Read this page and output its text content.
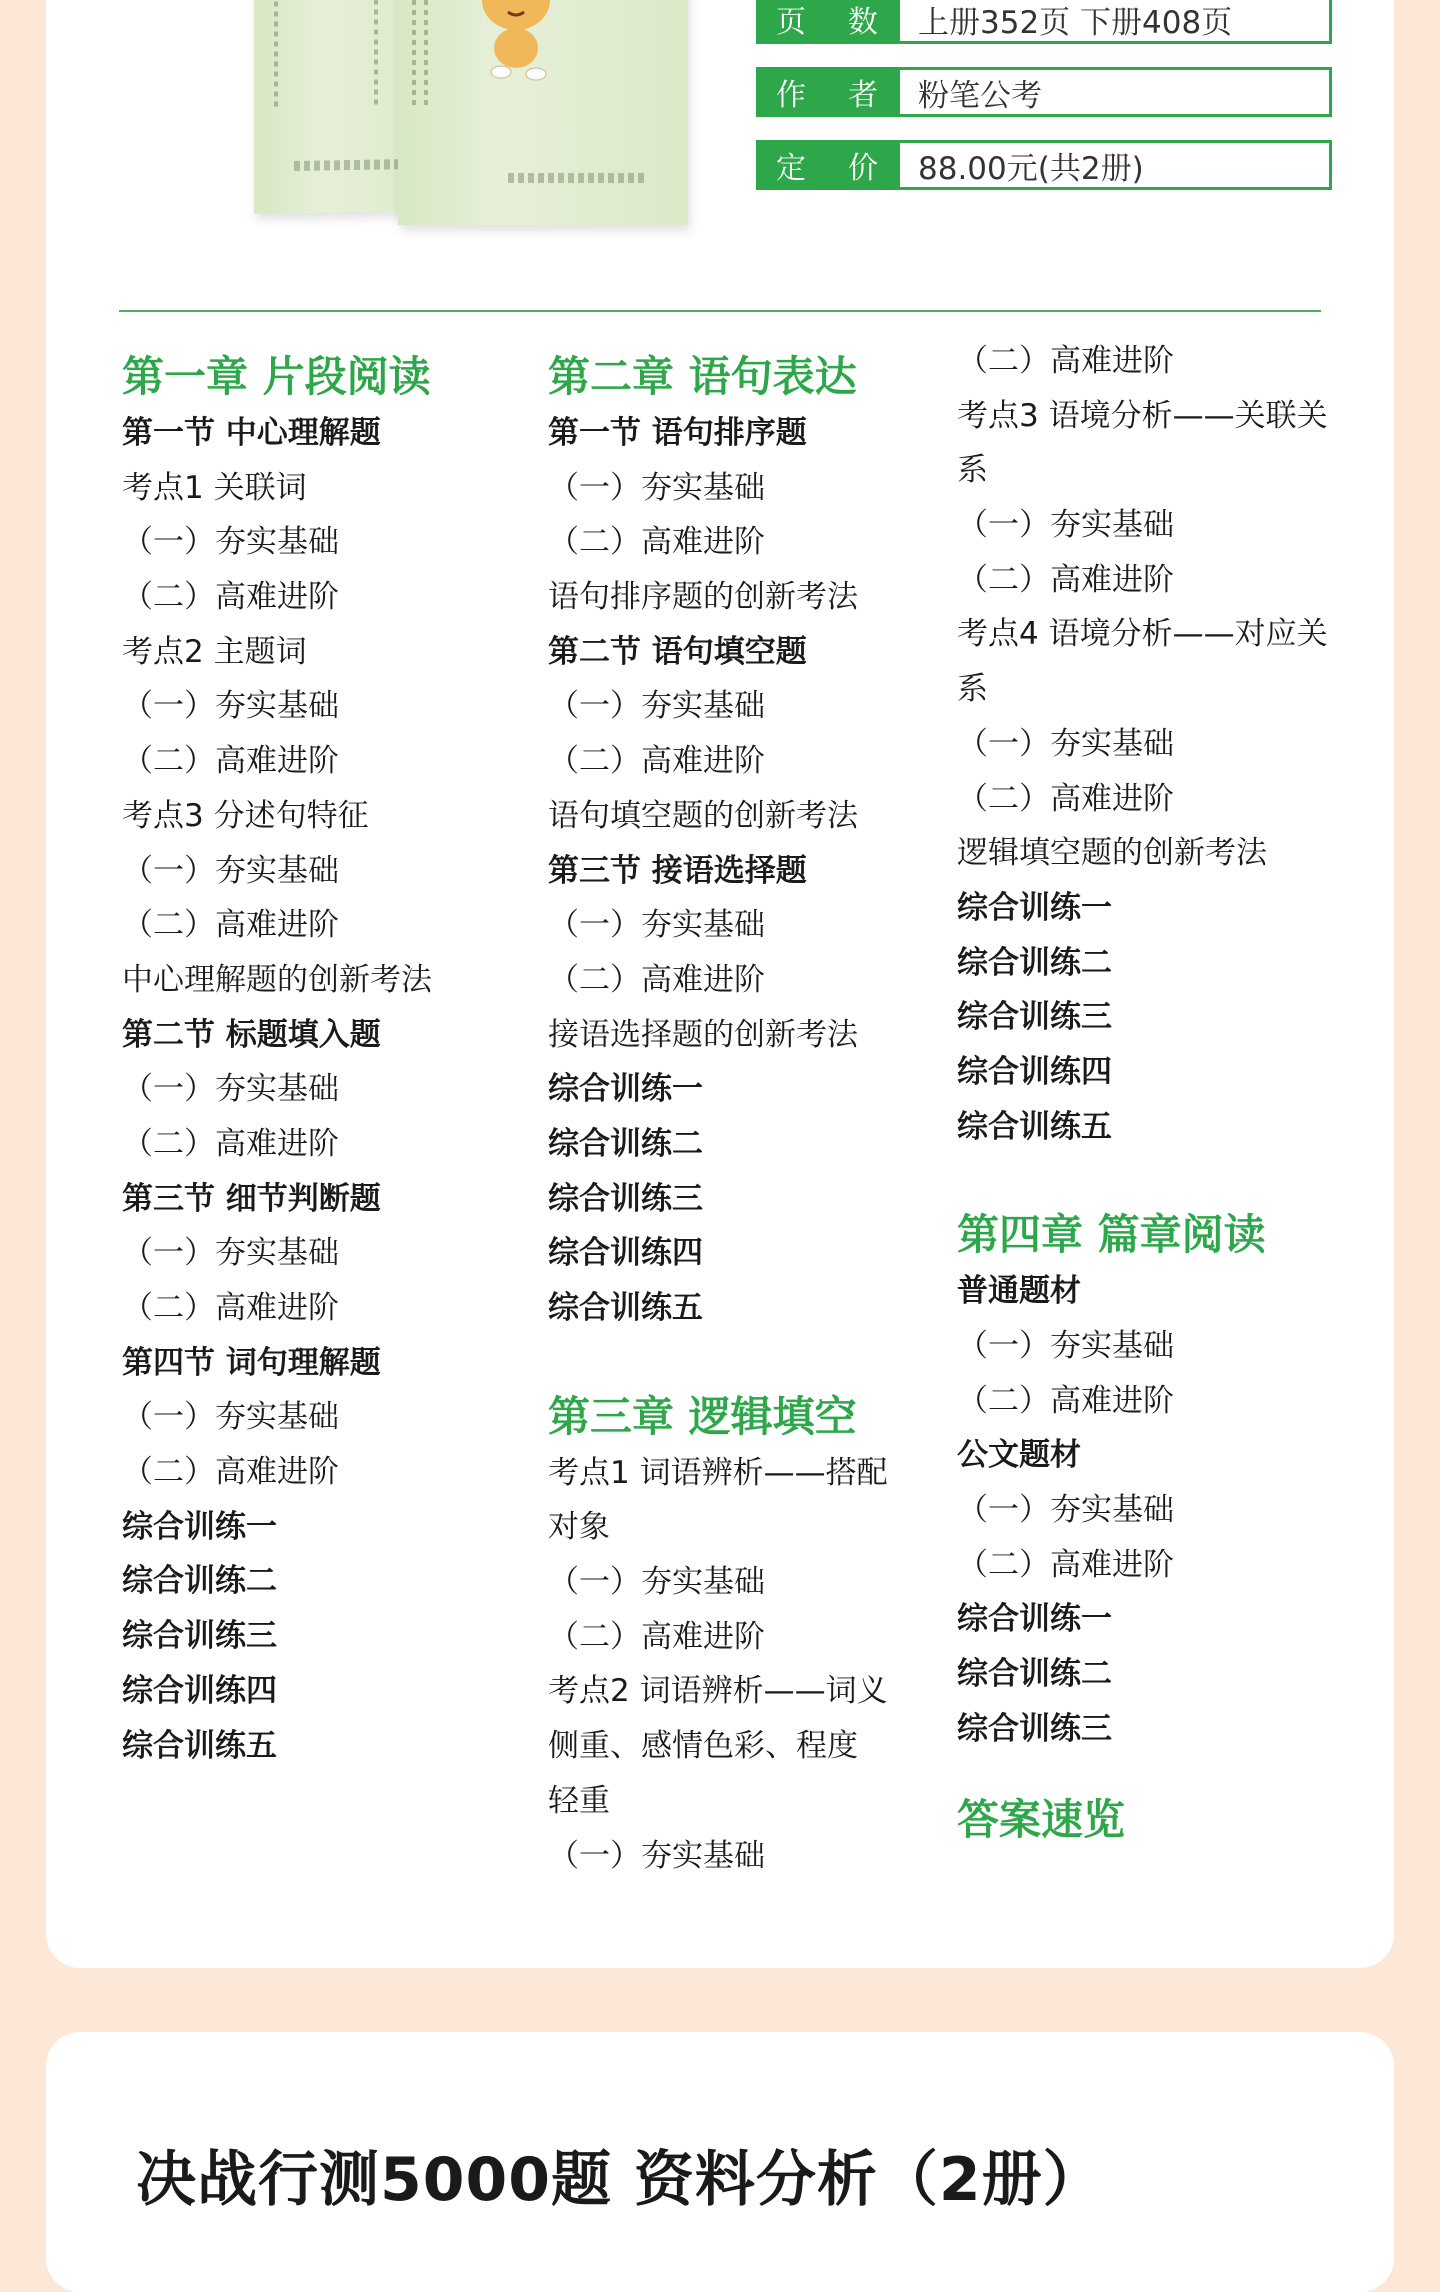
页 数	上册352页 下册408页
作 者	粉笔公考
定 价	88.00元(共2册)
第一章 片段阅读
第一节 中心理解题
考点1 关联词
（一）夯实基础
（二）高难进阶
考点2 主题词
（一）夯实基础
（二）高难进阶
考点3 分述句特征
（一）夯实基础
（二）高难进阶
中心理解题的创新考法
第二节 标题填入题
（一）夯实基础
（二）高难进阶
第三节 细节判断题
（一）夯实基础
（二）高难进阶
第四节 词句理解题
（一）夯实基础
（二）高难进阶
综合训练一
综合训练二
综合训练三
综合训练四
综合训练五
第二章 语句表达
第一节 语句排序题
（一）夯实基础
（二）高难进阶
语句排序题的创新考法
第二节 语句填空题
（一）夯实基础
（二）高难进阶
语句填空题的创新考法
第三节 接语选择题
（一）夯实基础
（二）高难进阶
接语选择题的创新考法
综合训练一
综合训练二
综合训练三
综合训练四
综合训练五
第三章 逻辑填空
考点1 词语辨析——搭配
对象
（一）夯实基础
（二）高难进阶
考点2 词语辨析——词义
侧重、感情色彩、程度
轻重
（一）夯实基础
（二）高难进阶
考点3 语境分析——关联关
系
（一）夯实基础
（二）高难进阶
考点4 语境分析——对应关
系
（一）夯实基础
（二）高难进阶
逻辑填空题的创新考法
综合训练一
综合训练二
综合训练三
综合训练四
综合训练五
第四章 篇章阅读
普通题材
（一）夯实基础
（二）高难进阶
公文题材
（一）夯实基础
（二）高难进阶
综合训练一
综合训练二
综合训练三
答案速览
决战行测5000题 资料分析（2册）
